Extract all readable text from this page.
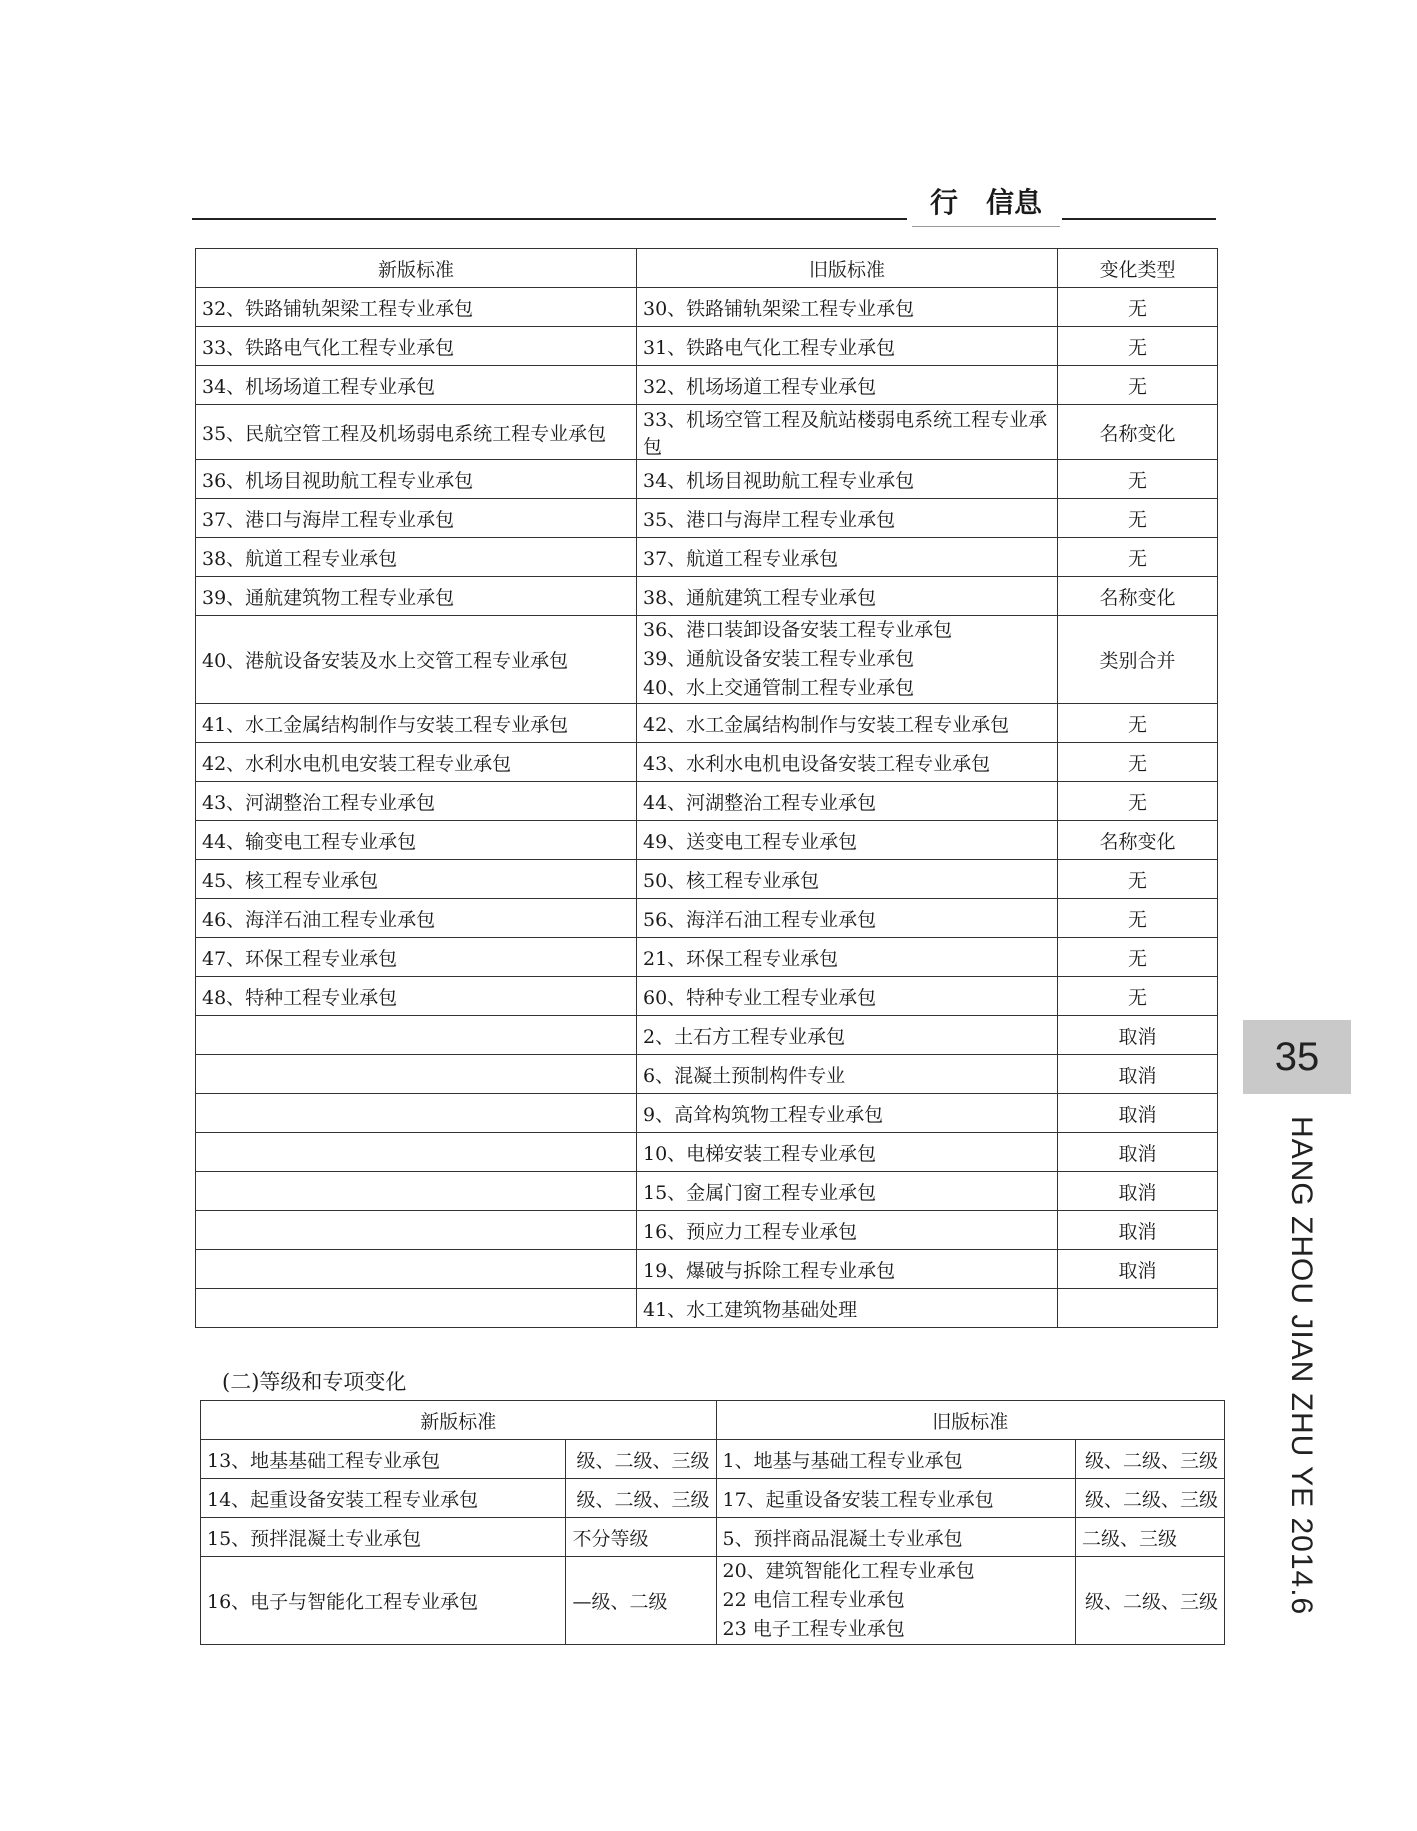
行　信息
35
HANG ZHOU JIAN ZHU YE 2014.6
新版标准	旧版标准	变化类型
32、铁路铺轨架梁工程专业承包	30、铁路铺轨架梁工程专业承包	无
33、铁路电气化工程专业承包	31、铁路电气化工程专业承包	无
34、机场场道工程专业承包	32、机场场道工程专业承包	无
35、民航空管工程及机场弱电系统工程专业承包	33、机场空管工程及航站楼弱电系统工程专业承包	名称变化
36、机场目视助航工程专业承包	34、机场目视助航工程专业承包	无
37、港口与海岸工程专业承包	35、港口与海岸工程专业承包	无
38、航道工程专业承包	37、航道工程专业承包	无
39、通航建筑物工程专业承包	38、通航建筑工程专业承包	名称变化
40、港航设备安装及水上交管工程专业承包	36、港口装卸设备安装工程专业承包
39、通航设备安装工程专业承包
40、水上交通管制工程专业承包	类别合并
41、水工金属结构制作与安装工程专业承包	42、水工金属结构制作与安装工程专业承包	无
42、水利水电机电安装工程专业承包	43、水利水电机电设备安装工程专业承包	无
43、河湖整治工程专业承包	44、河湖整治工程专业承包	无
44、输变电工程专业承包	49、送变电工程专业承包	名称变化
45、核工程专业承包	50、核工程专业承包	无
46、海洋石油工程专业承包	56、海洋石油工程专业承包	无
47、环保工程专业承包	21、环保工程专业承包	无
48、特种工程专业承包	60、特种专业工程专业承包	无
	2、土石方工程专业承包	取消
	6、混凝土预制构件专业	取消
	9、高耸构筑物工程专业承包	取消
	10、电梯安装工程专业承包	取消
	15、金属门窗工程专业承包	取消
	16、预应力工程专业承包	取消
	19、爆破与拆除工程专业承包	取消
	41、水工建筑物基础处理	
(二)等级和专项变化
新版标准		旧版标准	
13、地基基础工程专业承包	级、二级、三级	1、地基与基础工程专业承包	级、二级、三级
14、起重设备安装工程专业承包	级、二级、三级	17、起重设备安装工程专业承包	级、二级、三级
15、预拌混凝土专业承包	不分等级	5、预拌商品混凝土专业承包	二级、三级
16、电子与智能化工程专业承包	—级、二级	20、建筑智能化工程专业承包
22 电信工程专业承包
23 电子工程专业承包	级、二级、三级
